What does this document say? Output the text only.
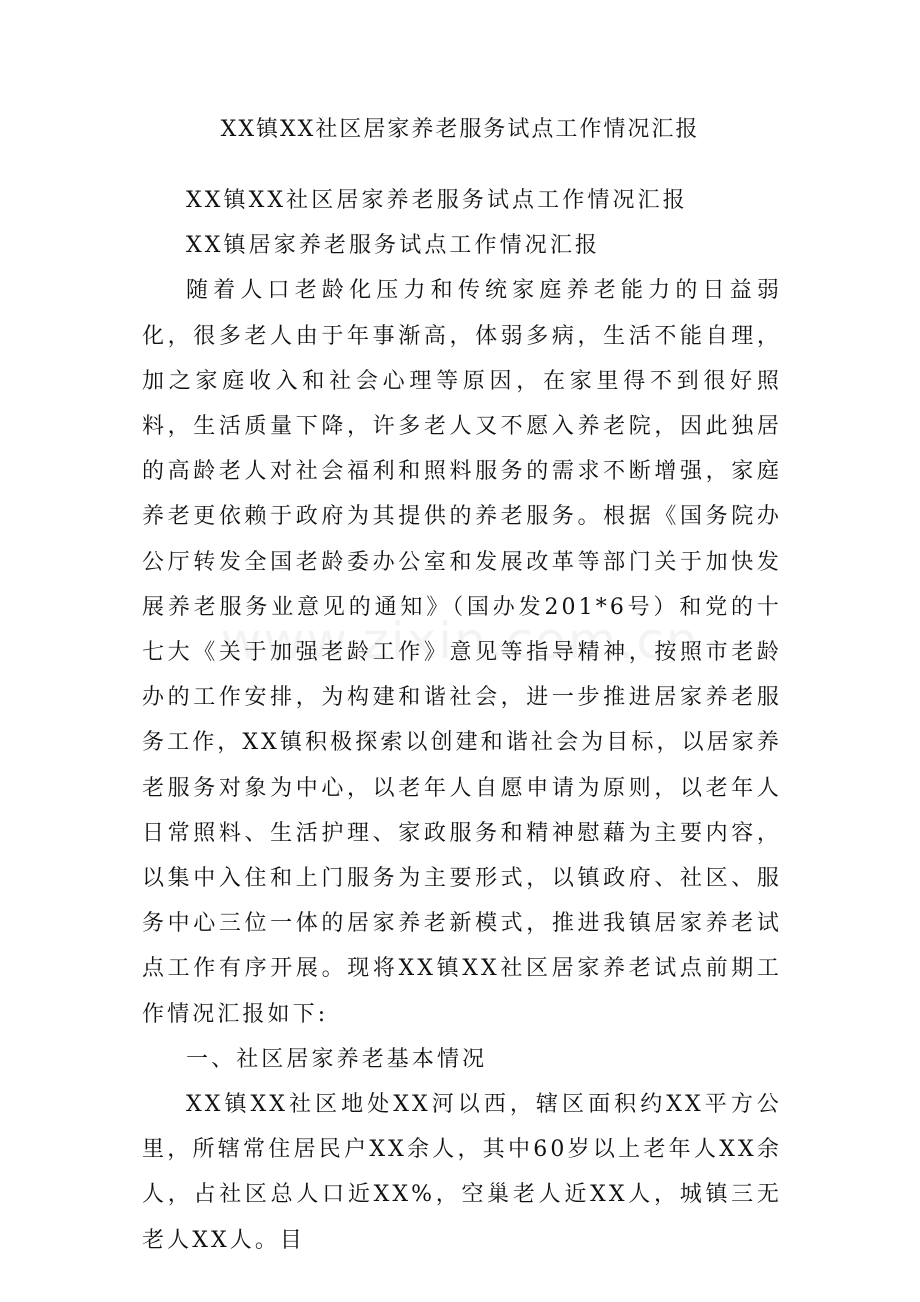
XX镇XX社区居家养老服务试点工作情况汇报

XX镇XX社区居家养老服务试点工作情况汇报

XX镇居家养老服务试点工作情况汇报

随着人口老龄化压力和传统家庭养老能力的日益弱化，很多老人由于年事渐高，体弱多病，生活不能自理，加之家庭收入和社会心理等原因，在家里得不到很好照料，生活质量下降，许多老人又不愿入养老院，因此独居的高龄老人对社会福利和照料服务的需求不断增强，家庭养老更依赖于政府为其提供的养老服务。根据《国务院办公厅转发全国老龄委办公室和发展改革等部门关于加快发展养老服务业意见的通知》（国办发201*6号）和党的十七大《关于加强老龄工作》意见等指导精神，按照市老龄办的工作安排，为构建和谐社会，进一步推进居家养老服务工作，XX镇积极探索以创建和谐社会为目标，以居家养老服务对象为中心，以老年人自愿申请为原则，以老年人日常照料、生活护理、家政服务和精神慰藉为主要内容，以集中入住和上门服务为主要形式，以镇政府、社区、服务中心三位一体的居家养老新模式，推进我镇居家养老试点工作有序开展。现将XX镇XX社区居家养老试点前期工作情况汇报如下:

一、社区居家养老基本情况

XX镇XX社区地处XX河以西，辖区面积约XX平方公里，所辖常住居民户XX余人，其中60岁以上老年人XX余人，占社区总人口近XX%，空巢老人近XX人，城镇三无老人XX人。目
